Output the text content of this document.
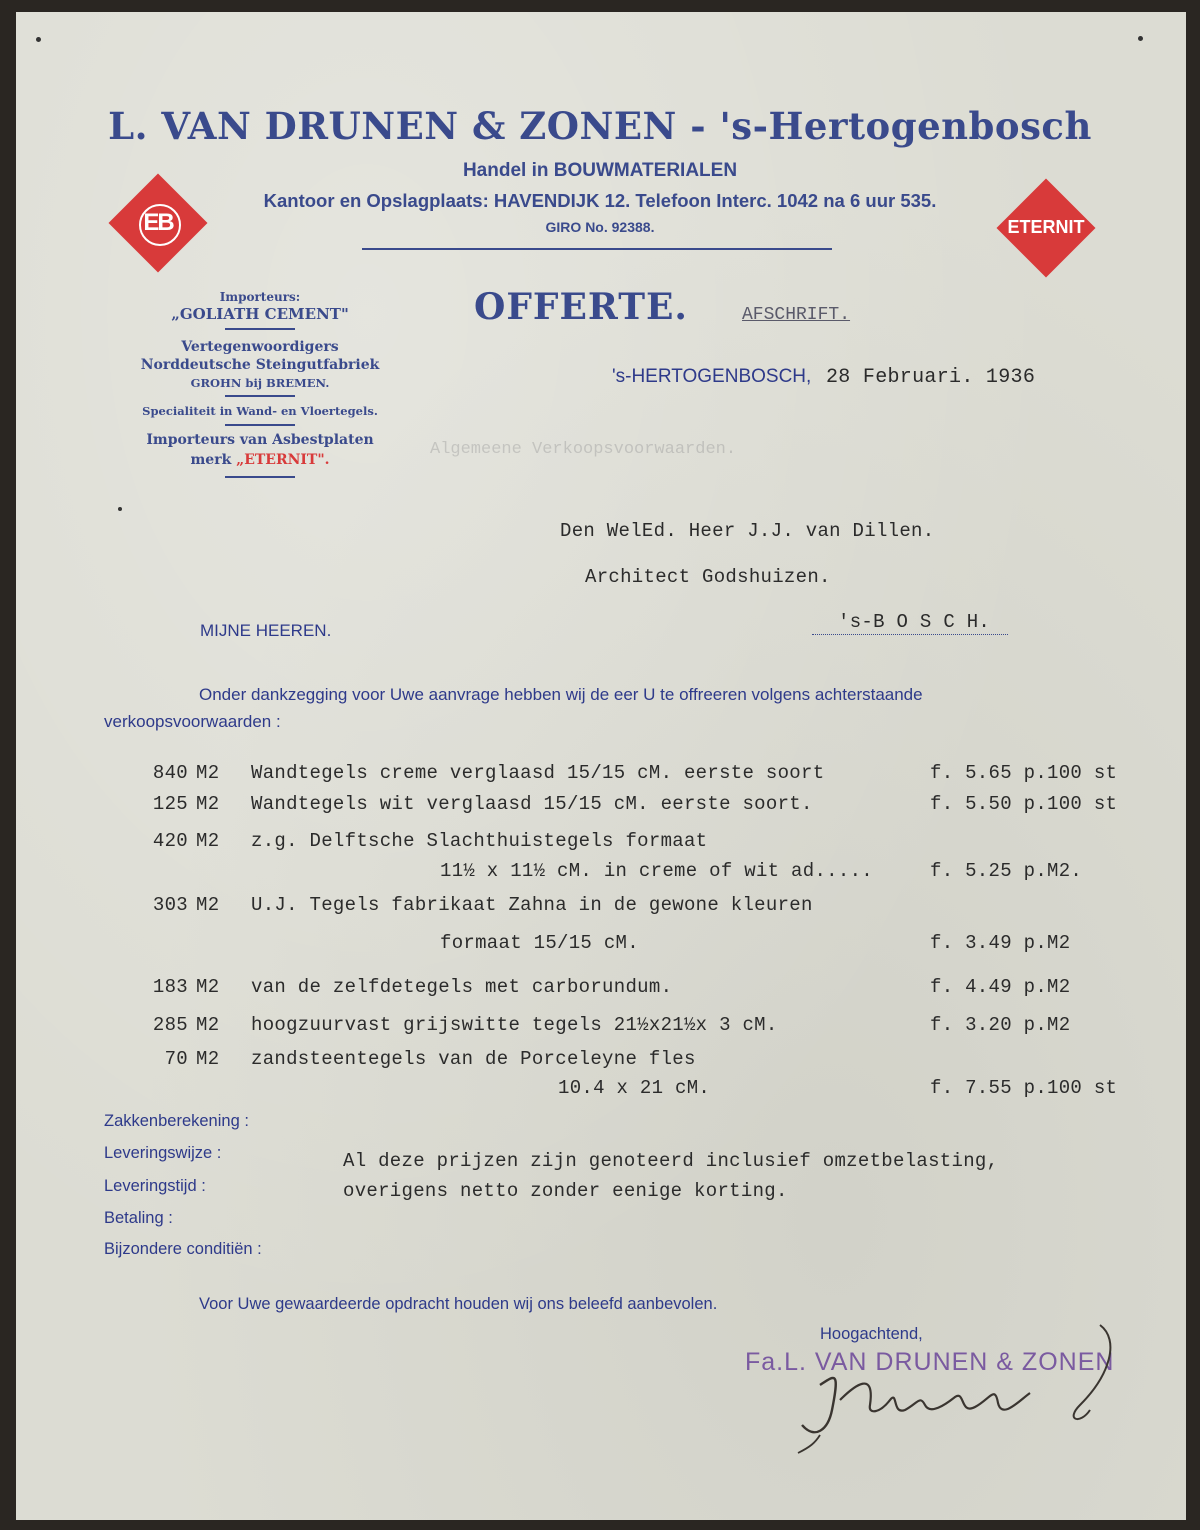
Algemeene Verkoopsvoorwaarden.
L. VAN DRUNEN & ZONEN - 's-Hertogenbosch
Handel in BOUWMATERIALEN
Kantoor en Opslagplaats: HAVENDIJK 12. Telefoon Interc. 1042 na 6 uur 535.
GIRO No. 92388.
EB	ETERNIT
Importeurs:
„GOLIATH CEMENT"
Vertegenwoordigers
Norddeutsche Steingutfabriek
GROHN bij BREMEN.
Specialiteit in Wand- en Vloertegels.
Importeurs van Asbestplaten
merk „ETERNIT".
OFFERTE.	AFSCHRIFT.
's-HERTOGENBOSCH, 28 Februari. 1936
Den WelEd. Heer J.J. van Dillen.
Architect Godshuizen.
's-B O S C H.
MIJNE HEEREN.
Onder dankzegging voor Uwe aanvrage hebben wij de eer U te offreeren volgens achterstaande
verkoopsvoorwaarden :
840 M2 Wandtegels creme verglaasd 15/15 cM. eerste soort	f. 5.65 p.100 st
125 M2 Wandtegels wit verglaasd 15/15 cM. eerste soort.	f. 5.50 p.100 st
420 M2 z.g. Delftsche Slachthuistegels formaat
11½ x 11½ cM. in creme of wit ad.....	f. 5.25 p.M2.
303 M2 U.J. Tegels fabrikaat Zahna in de gewone kleuren
formaat 15/15 cM.	f. 3.49 p.M2
183 M2 van de zelfdetegels met carborundum.	f. 4.49 p.M2
285 M2 hoogzuurvast grijswitte tegels 21½x21½x 3 cM.	f. 3.20 p.M2
70 M2 zandsteentegels van de Porceleyne fles
10.4 x 21 cM.	f. 7.55 p.100 st
Zakkenberekening :
Leveringswijze :
Leveringstijd :
Betaling :
Bijzondere conditiën :
Al deze prijzen zijn genoteerd inclusief omzetbelasting,
overigens netto zonder eenige korting.
Voor Uwe gewaardeerde opdracht houden wij ons beleefd aanbevolen.
Hoogachtend,
Fa.L. VAN DRUNEN & ZONEN
